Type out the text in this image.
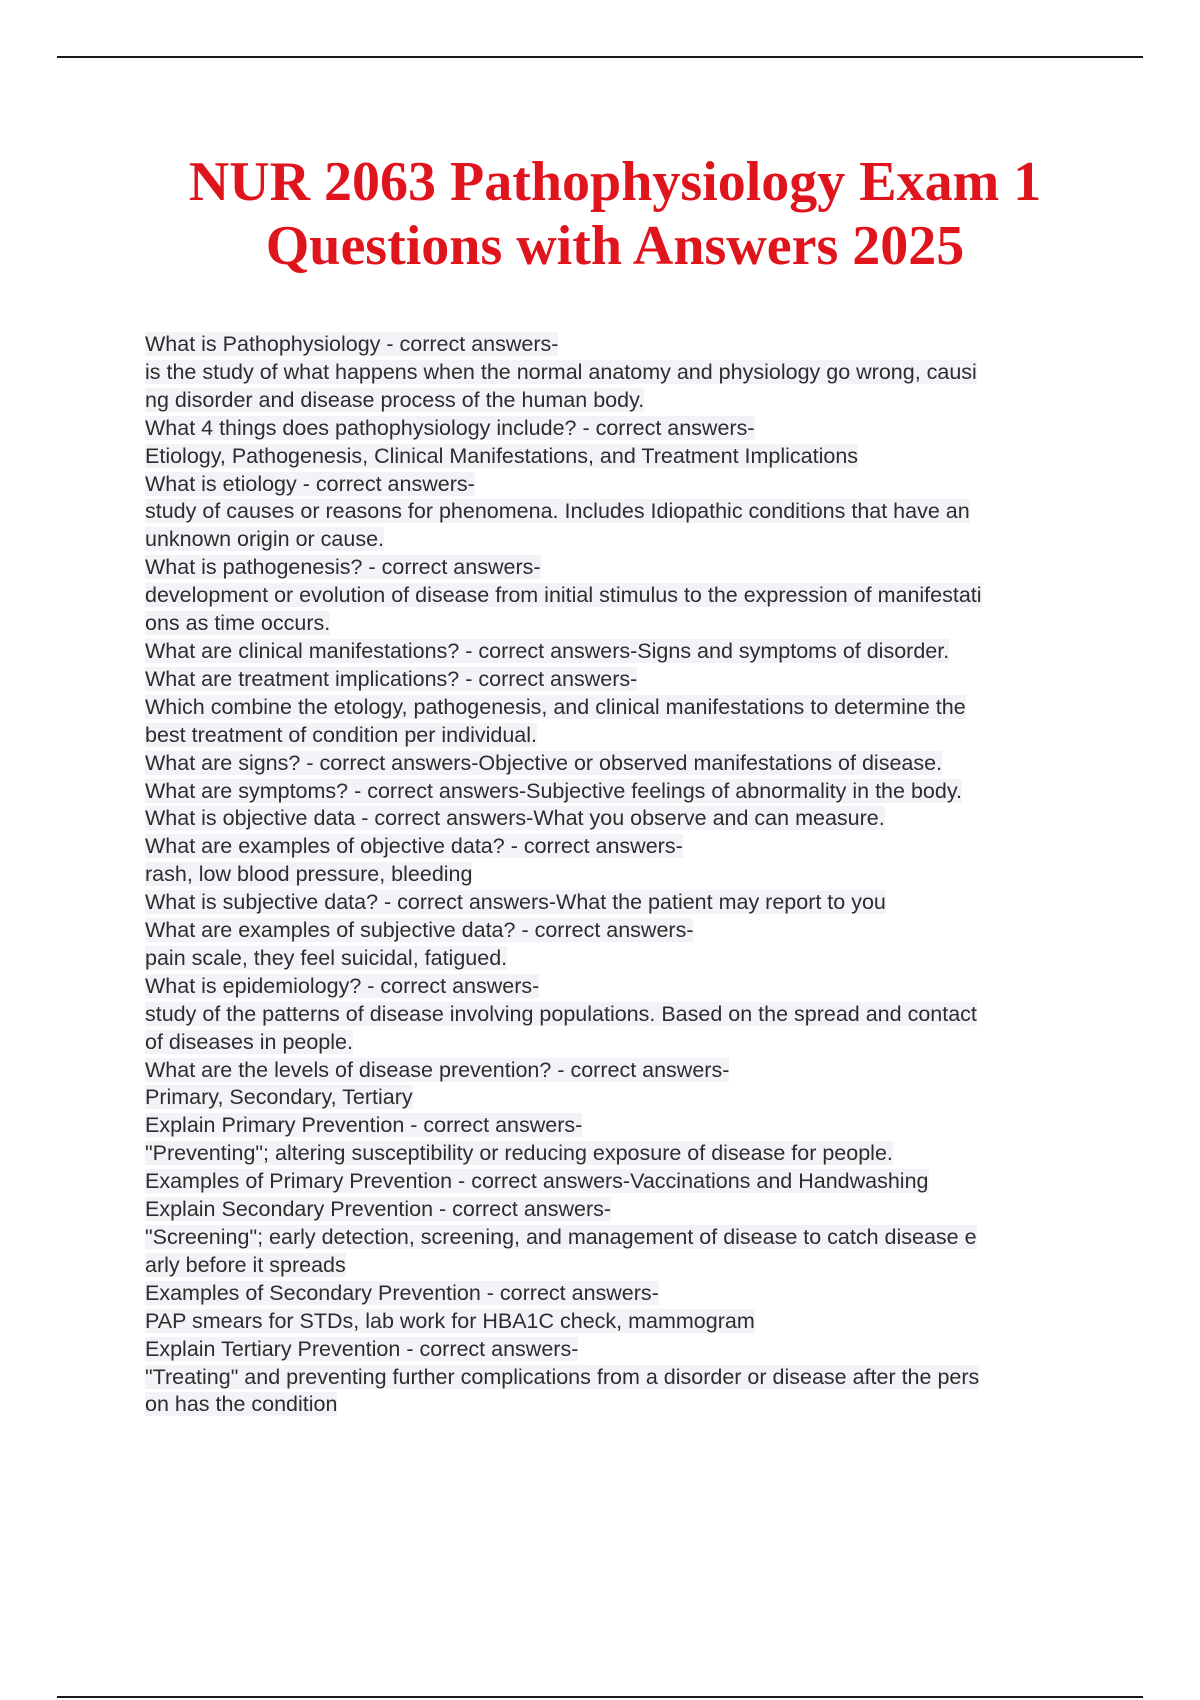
NUR 2063 Pathophysiology Exam 1
Questions with Answers 2025
What is Pathophysiology - correct answers-
is the study of what happens when the normal anatomy and physiology go wrong, causi
ng disorder and disease process of the human body.
What 4 things does pathophysiology include? - correct answers-
Etiology, Pathogenesis, Clinical Manifestations, and Treatment Implications
What is etiology - correct answers-
study of causes or reasons for phenomena. Includes Idiopathic conditions that have an
unknown origin or cause.
What is pathogenesis? - correct answers-
development or evolution of disease from initial stimulus to the expression of manifestati
ons as time occurs.
What are clinical manifestations? - correct answers-Signs and symptoms of disorder.
What are treatment implications? - correct answers-
Which combine the etology, pathogenesis, and clinical manifestations to determine the
best treatment of condition per individual.
What are signs? - correct answers-Objective or observed manifestations of disease.
What are symptoms? - correct answers-Subjective feelings of abnormality in the body.
What is objective data - correct answers-What you observe and can measure.
What are examples of objective data? - correct answers-
rash, low blood pressure, bleeding
What is subjective data? - correct answers-What the patient may report to you
What are examples of subjective data? - correct answers-
pain scale, they feel suicidal, fatigued.
What is epidemiology? - correct answers-
study of the patterns of disease involving populations. Based on the spread and contact
of diseases in people.
What are the levels of disease prevention? - correct answers-
Primary, Secondary, Tertiary
Explain Primary Prevention - correct answers-
"Preventing"; altering susceptibility or reducing exposure of disease for people.
Examples of Primary Prevention - correct answers-Vaccinations and Handwashing
Explain Secondary Prevention - correct answers-
"Screening"; early detection, screening, and management of disease to catch disease e
arly before it spreads
Examples of Secondary Prevention - correct answers-
PAP smears for STDs, lab work for HBA1C check, mammogram
Explain Tertiary Prevention - correct answers-
"Treating" and preventing further complications from a disorder or disease after the pers
on has the condition
